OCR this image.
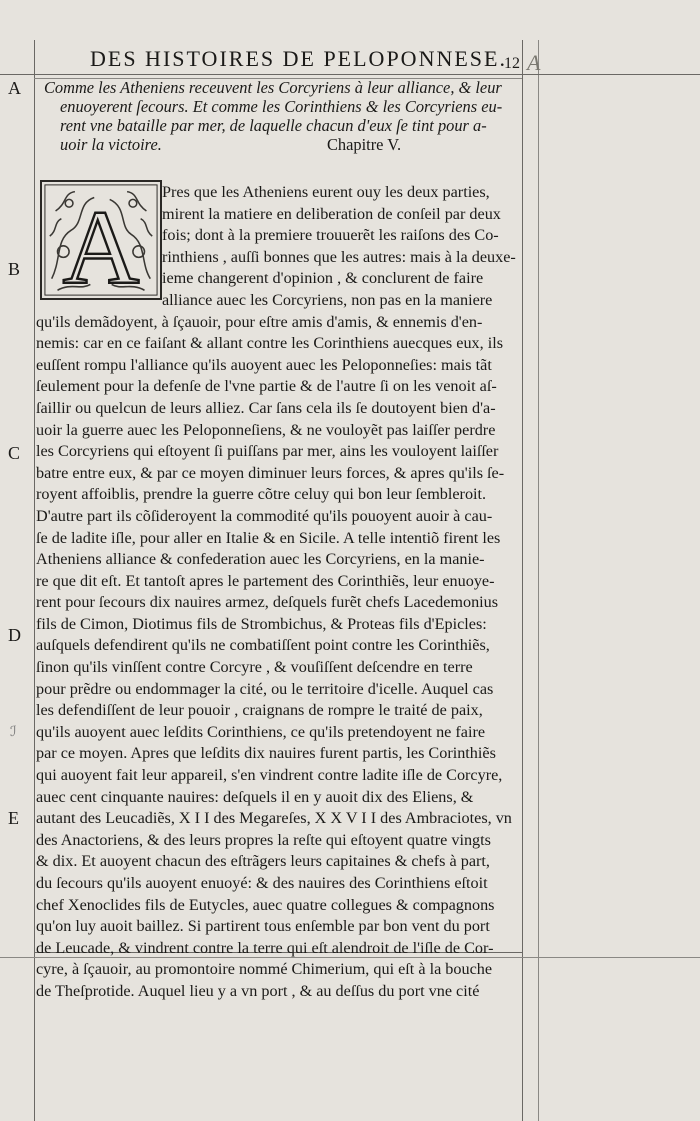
DES HISTOIRES DE PELOPONNESE.
12 A
A
B
C
D
E
ℐ
Comme les Atheniens receuvent les Corcyriens à leur alliance, & leur
enuoyerent ſecours. Et comme les Corinthiens & les Corcyriens eu-
rent vne bataille par mer, de laquelle chacun d'eux ſe tint pour a-
uoir la victoire.	Chapitre V.
Pres que les Atheniens eurent ouy les deux parties,
mirent la matiere en deliberation de conſeil par deux
fois; dont à la premiere trouuerẽt les raiſons des Co-
rinthiens , auſſi bonnes que les autres: mais à la deuxe-
ieme changerent d'opinion , & conclurent de faire
alliance auec les Corcyriens, non pas en la maniere
qu'ils demãdoyent, à ſçauoir, pour eſtre amis d'amis, & ennemis d'en-
nemis: car en ce faiſant & allant contre les Corinthiens auecques eux, ils
euſſent rompu l'alliance qu'ils auoyent auec les Peloponneſies: mais tãt
ſeulement pour la defenſe de l'vne partie & de l'autre ſi on les venoit aſ-
ſaillir ou quelcun de leurs alliez. Car ſans cela ils ſe doutoyent bien d'a-
uoir la guerre auec les Peloponneſiens, & ne vouloyẽt pas laiſſer perdre
les Corcyriens qui eſtoyent ſi puiſſans par mer, ains les vouloyent laiſſer
batre entre eux, & par ce moyen diminuer leurs forces, & apres qu'ils ſe-
royent affoiblis, prendre la guerre cõtre celuy qui bon leur ſembleroit.
D'autre part ils cõſideroyent la commodité qu'ils pouoyent auoir à cau-
ſe de ladite iſle, pour aller en Italie & en Sicile. A telle intentiõ firent les
Atheniens alliance & confederation auec les Corcyriens, en la manie-
re que dit eſt. Et tantoſt apres le partement des Corinthiẽs, leur enuoye-
rent pour ſecours dix nauires armez, deſquels furẽt chefs Lacedemonius
fils de Cimon, Diotimus fils de Strombichus, & Proteas fils d'Epicles:
auſquels defendirent qu'ils ne combatiſſent point contre les Corinthiẽs,
ſinon qu'ils vinſſent contre Corcyre , & vouſiſſent deſcendre en terre
pour prẽdre ou endommager la cité, ou le territoire d'icelle. Auquel cas
les defendiſſent de leur pouoir , craignans de rompre le traité de paix,
qu'ils auoyent auec leſdits Corinthiens, ce qu'ils pretendoyent ne faire
par ce moyen. Apres que leſdits dix nauires furent partis, les Corinthiẽs
qui auoyent fait leur appareil, s'en vindrent contre ladite iſle de Corcyre,
auec cent cinquante nauires: deſquels il en y auoit dix des Eliens, &
autant des Leucadiẽs, X I I des Megareſes, X X V I I des Ambraciotes, vn
des Anactoriens, & des leurs propres la reſte qui eſtoyent quatre vingts
& dix. Et auoyent chacun des eſtrãgers leurs capitaines & chefs à part,
du ſecours qu'ils auoyent enuoyé: & des nauires des Corinthiens eſtoit
chef Xenoclides fils de Eutycles, auec quatre collegues & compagnons
qu'on luy auoit baillez. Si partirent tous enſemble par bon vent du port
de Leucade, & vindrent contre la terre qui eſt alendroit de l'iſle de Cor-
cyre, à ſçauoir, au promontoire nommé Chimerium, qui eſt à la bouche
de Theſprotide. Auquel lieu y a vn port , & au deſſus du port vne cité
A
